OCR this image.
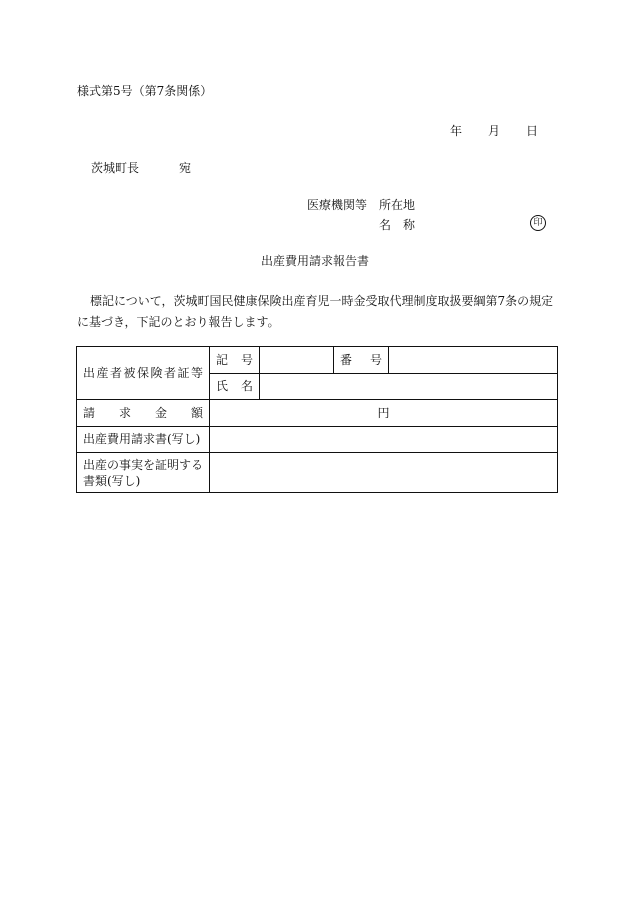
様式第5号（第7条関係）
年 月 日
茨城町長	宛
医療機関等 所在地
名　称	印
出産費用請求報告書
標記について，茨城町国民健康保険出産育児一時金受取代理制度取扱要綱第7条の規定に基づき，下記のとおり報告します。
出産者被保険者証等	記　号		番　号	
	氏　名			
請　求　金　額	円			
出産費用請求書(写し)				
出産の事実を証明する書類(写し)				
